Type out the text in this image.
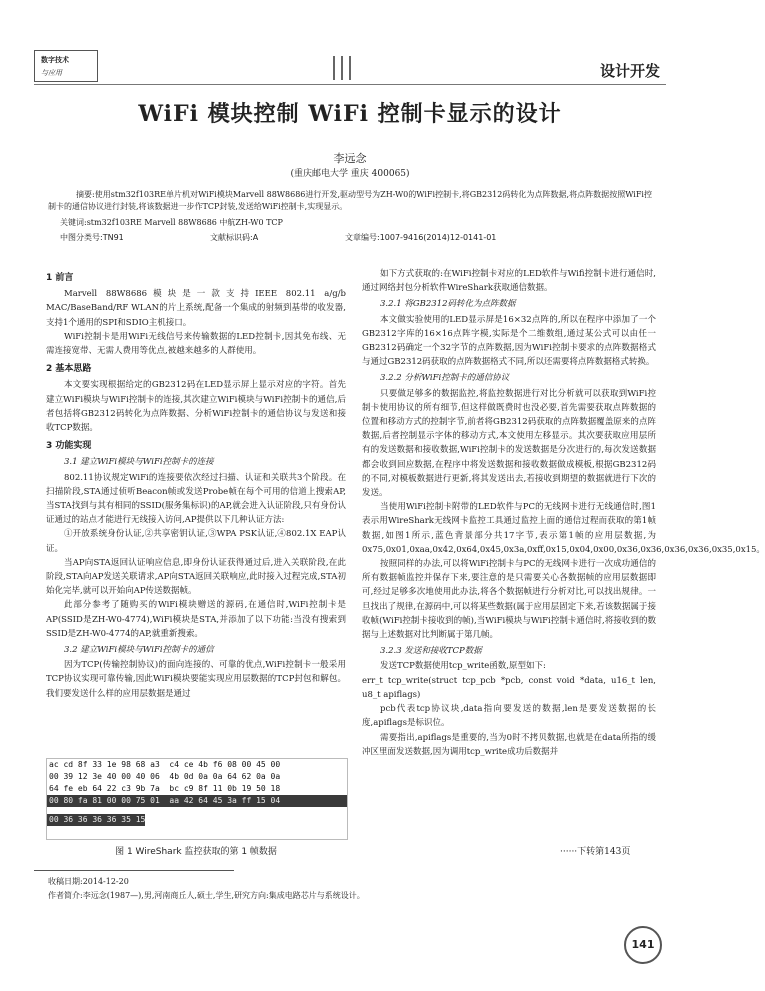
数字技术
与应用	设计开发
WiFi 模块控制 WiFi 控制卡显示的设计
李远念
(重庆邮电大学 重庆 400065)
摘要:使用stm32f103RE单片机对WiFi模块Marvell 88W8686进行开发,驱动型号为ZH-W0的WiFi控制卡,将GB2312码转化为点阵数据,将点阵数据按照WiFi控制卡的通信协议进行封装,将该数据进一步作TCP封装,发送给WiFi控制卡,实现显示。
关键词:stm32f103RE Marvell 88W8686 中航ZH-W0 TCP
中图分类号:TN91	文献标识码:A	文章编号:1007-9416(2014)12-0141-01
1 前言

Marvell 88W8686模块是一款支持IEEE 802.11 a/g/b MAC/BaseBand/RF WLAN的片上系统,配备一个集成的射频到基带的收发器,支持1个通用的SPI和SDIO主机接口。

WiFi控制卡是用WiFi无线信号来传输数据的LED控制卡,因其免布线、无需连接宽带、无需人费用等优点,被越来越多的人群使用。

2 基本思路

本文要实现根据给定的GB2312码在LED显示屏上显示对应的字符。首先建立WiFi模块与WiFi控制卡的连接,其次建立WiFi模块与WiFi控制卡的通信,后者包括将GB2312码转化为点阵数据、分析WiFi控制卡的通信协议与发送和接收TCP数据。

3 功能实现
3.1 建立WiFi模块与WiFi控制卡的连接

802.11协议规定WiFi的连接要依次经过扫描、认证和关联共3个阶段。在扫描阶段,STA通过侦听Beacon帧或发送Probe帧在每个可用的信道上搜索AP,当STA找到与其有相同的SSID(服务集标识)的AP,就会进入认证阶段,只有身份认证通过的站点才能进行无线接入访问,AP提供以下几种认证方法:

①开放系统身份认证,②共享密钥认证,③WPA PSK认证,④802.1X EAP认证。

当AP向STA返回认证响应信息,即身份认证获得通过后,进入关联阶段,在此阶段,STA向AP发送关联请求,AP向STA返回关联响应,此时接入过程完成,STA初始化完毕,就可以开始向AP传送数据帧。

此部分参考了随购买的WiFi模块赠送的源码,在通信时,WiFi控制卡是AP(SSID是ZH-W0-4774),WiFi模块是STA,并添加了以下功能:当没有搜索到SSID是ZH-W0-4774的AP,就重新搜索。

3.2 建立WiFi模块与WiFi控制卡的通信

因为TCP(传输控制协议)的面向连接的、可靠的优点,WiFi控制卡一般采用TCP协议实现可靠传输,因此WiFi模块要能实现应用层数据的TCP封包和解包。我们要发送什么样的应用层数据是通过

ac cd 8f 33 1e 98 68 a3  c4 ce 4b f6 08 00 45 00
00 39 12 3e 40 00 40 06  4b 0d 0a 0a 64 62 0a 0a
64 fe eb 64 22 c3 9b 7a  bc c9 8f 11 0b 19 50 18
00 80 fa 81 00 00 75 01  aa 42 64 45 3a ff 15 04
00 36 36 36 36 35 15
图 1 WireShark 监控获取的第 1 帧数据

如下方式获取的:在WiFi控制卡对应的LED软件与Wifi控制卡进行通信时,通过网络封包分析软件WireShark获取通信数据。

3.2.1 将GB2312码转化为点阵数据

本文做实验使用的LED显示屏是16×32点阵的,所以在程序中添加了一个GB2312字库的16×16点阵字模,实际是个二维数组,通过某公式可以由任一GB2312码确定一个32字节的点阵数据,因为WiFi控制卡要求的点阵数据格式与通过GB2312码获取的点阵数据格式不同,所以还需要将点阵数据格式转换。

3.2.2 分析WiFi控制卡的通信协议

只要做足够多的数据监控,将监控数据进行对比分析就可以获取到WiFi控制卡使用协议的所有细节,但这样做既费时也没必要,首先需要获取点阵数据的位置和移动方式的控制字节,前者将GB2312码获取的点阵数据覆盖原来的点阵数据,后者控制显示字体的移动方式,本文使用左移显示。其次要获取应用层所有的发送数据和接收数据,WiFi控制卡的发送数据是分次进行的,每次发送数据都会收到回应数据,在程序中将发送数据和接收数据做成模板,根据GB2312码的不同,对模板数据进行更新,将其发送出去,若接收到期望的数据就进行下次的发送。

当使用WiFi控制卡附带的LED软件与PC的无线网卡进行无线通信时,图1表示用WireShark无线网卡监控工具通过监控上面的通信过程而获取的第1帧数据,如图1所示,蓝色背景部分共17字节,表示第1帧的应用层数据,为0x75,0x01,0xaa,0x42,0x64,0x45,0x3a,0xff,0x15,0x04,0x00,0x36,0x36,0x36,0x36,0x35,0x15。

按照同样的办法,可以将WiFi控制卡与PC的无线网卡进行一次成功通信的所有数据帧监控并保存下来,要注意的是只需要关心各数据帧的应用层数据即可,经过足够多次地使用此办法,将各个数据帧进行分析对比,可以找出规律。一旦找出了规律,在源码中,可以将某些数据(属于应用层固定下来,若该数据属于接收帧(WiFi控制卡接收到的帧),当WiFi模块与WiFi控制卡通信时,将接收到的数据与上述数据对比判断属于第几帧。

3.2.3 发送和接收TCP数据

发送TCP数据使用tcp_write函数,原型如下:

err_t tcp_write(struct tcp_pcb *pcb, const void *data, u16_t len, u8_t apiflags)

pcb代表tcp协议块,data指向要发送的数据,len是要发送数据的长度,apiflags是标识位。

需要指出,apiflags是重要的,当为0时不拷贝数据,也就是在data所指的缓冲区里面发送数据,因为调用tcp_write成功后数据并

······下转第143页
收稿日期:2014-12-20
作者简介:李远念(1987—),男,河南商丘人,硕士,学生,研究方向:集成电路芯片与系统设计。
141
